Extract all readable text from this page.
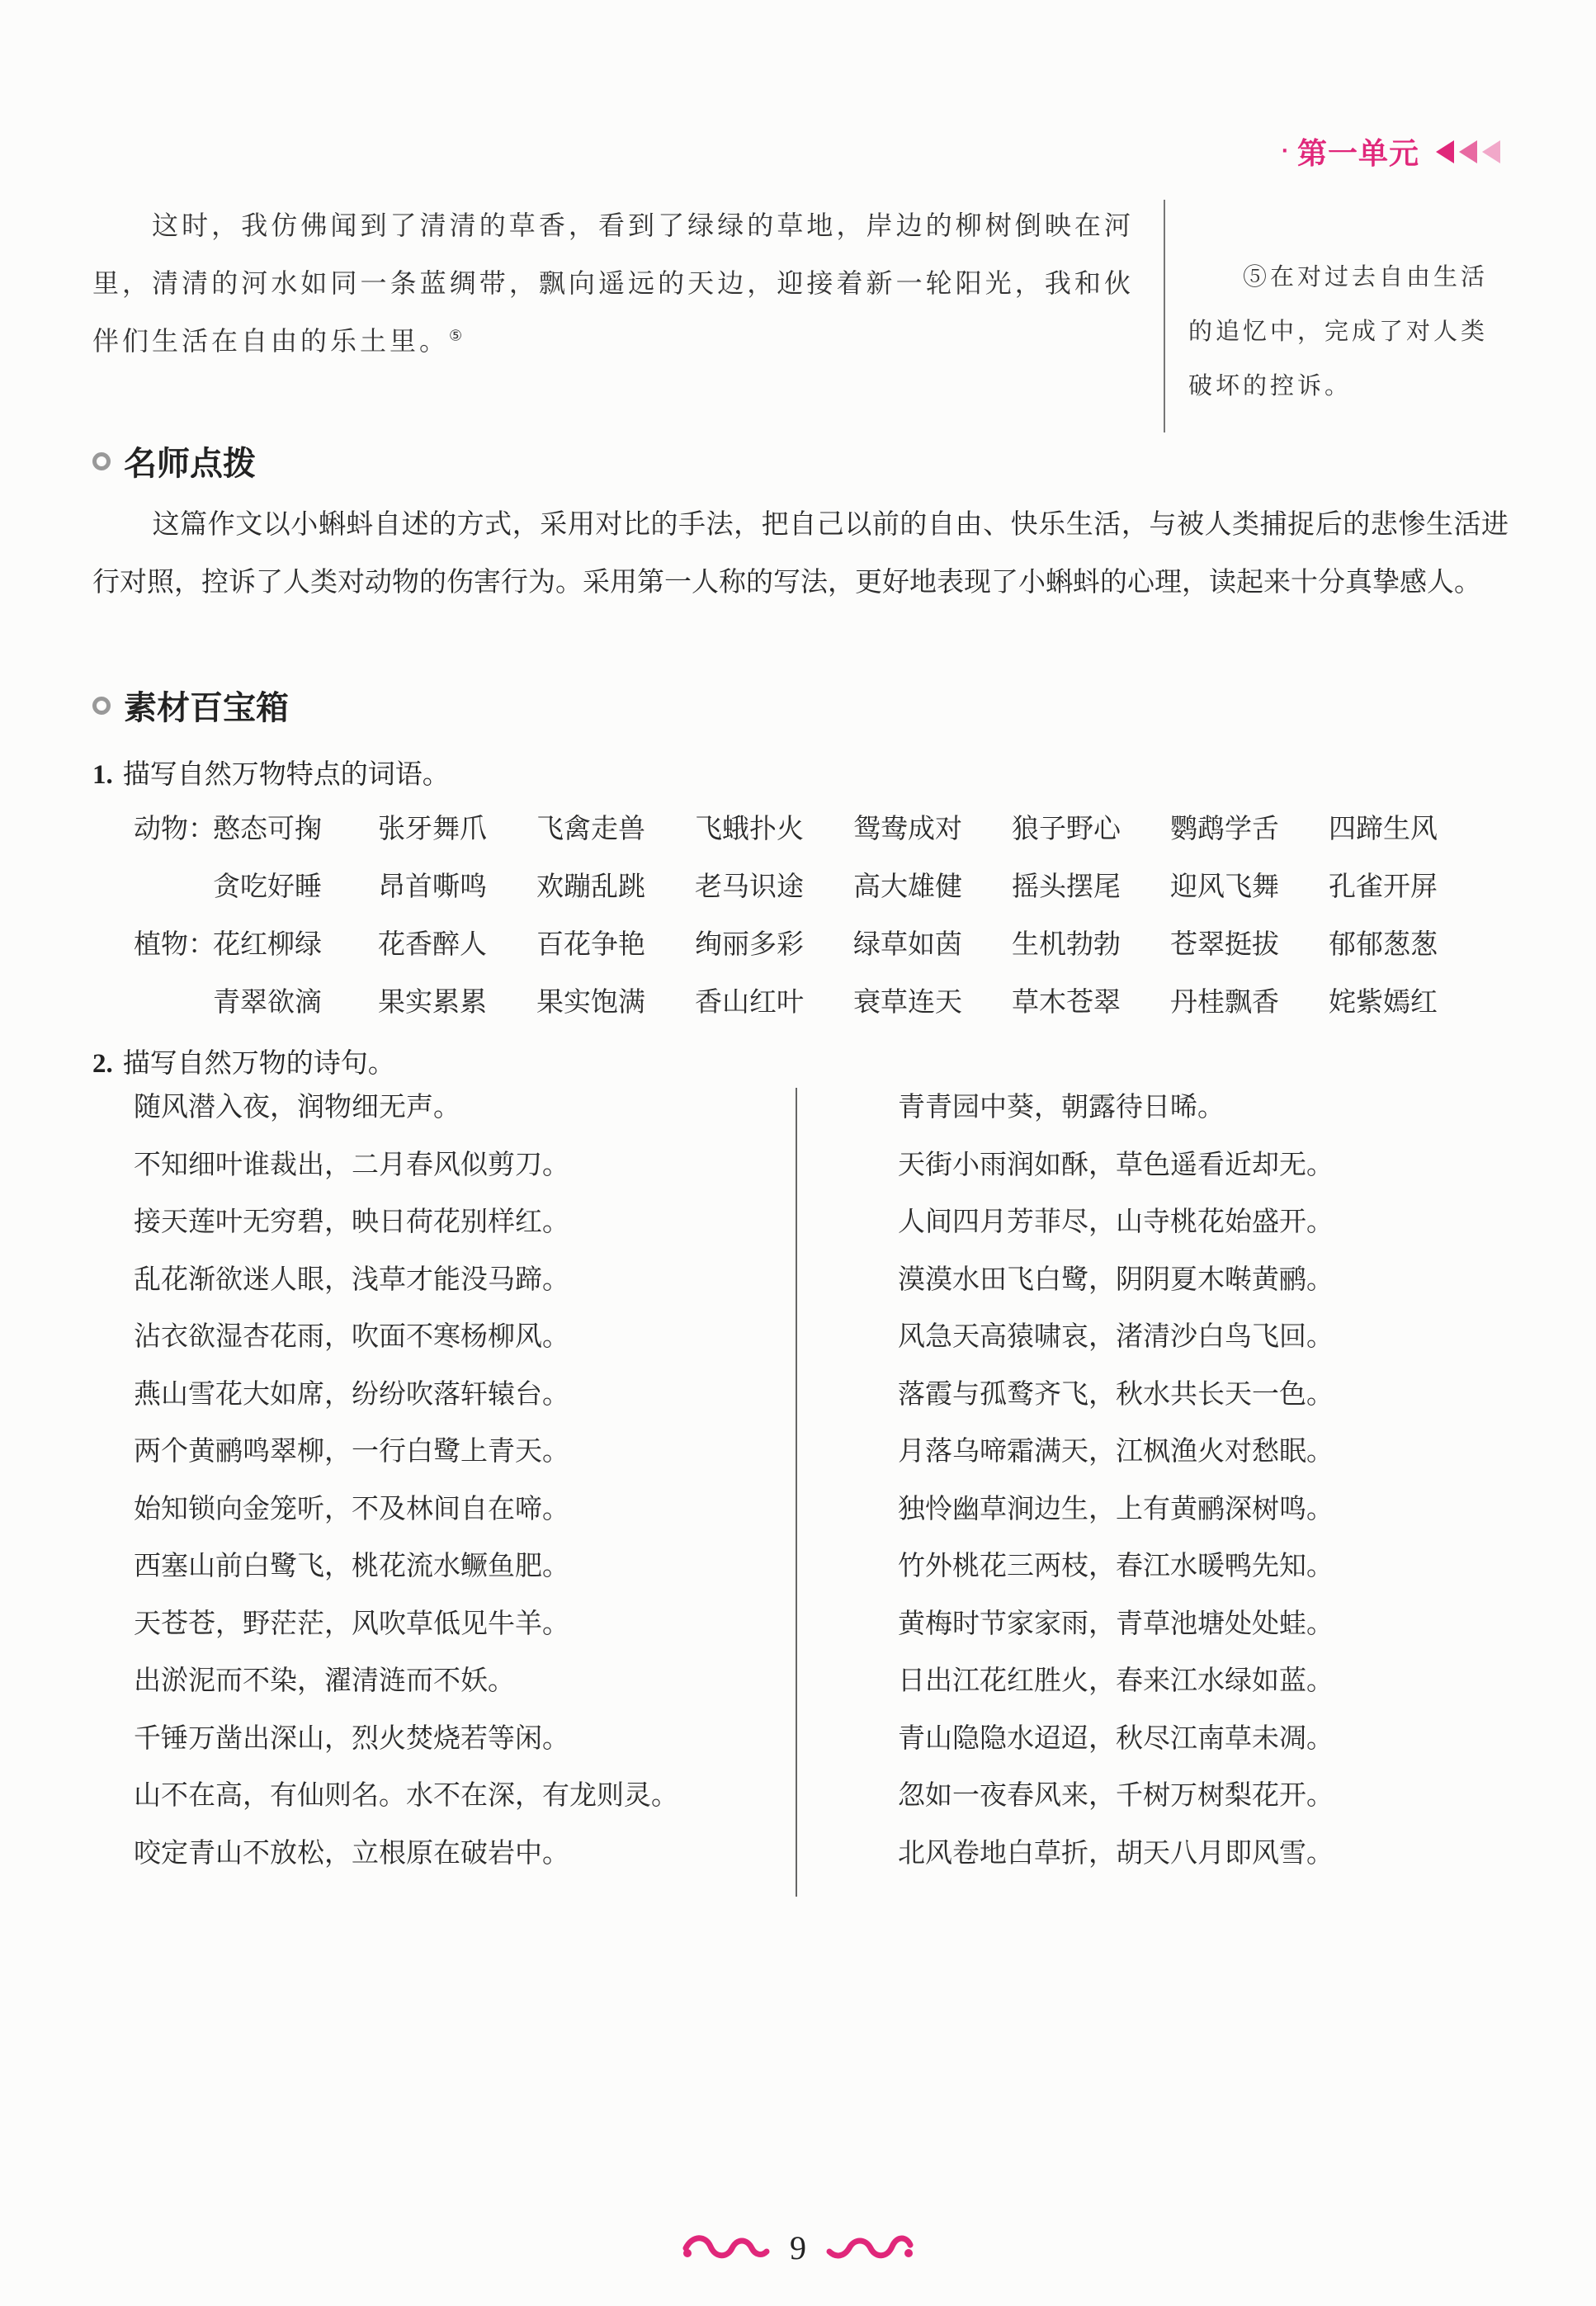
· 第一单元
这时，我仿佛闻到了清清的草香，看到了绿绿的草地，岸边的柳树倒映在河里，清清的河水如同一条蓝绸带，飘向遥远的天边，迎接着新一轮阳光，我和伙伴们生活在自由的乐土里。⑤
⑤在对过去自由生活的追忆中，完成了对人类破坏的控诉。
名师点拨
这篇作文以小蝌蚪自述的方式，采用对比的手法，把自己以前的自由、快乐生活，与被人类捕捉后的悲惨生活进行对照，控诉了人类对动物的伤害行为。采用第一人称的写法，更好地表现了小蝌蚪的心理，读起来十分真挚感人。
素材百宝箱
1. 描写自然万物特点的词语。
动物：
憨态可掬	张牙舞爪	飞禽走兽	飞蛾扑火	鸳鸯成对	狼子野心	鹦鹉学舌	四蹄生风
贪吃好睡	昂首嘶鸣	欢蹦乱跳	老马识途	高大雄健	摇头摆尾	迎风飞舞	孔雀开屏
植物：
花红柳绿	花香醉人	百花争艳	绚丽多彩	绿草如茵	生机勃勃	苍翠挺拔	郁郁葱葱
青翠欲滴	果实累累	果实饱满	香山红叶	衰草连天	草木苍翠	丹桂飘香	姹紫嫣红
2. 描写自然万物的诗句。
随风潜入夜，润物细无声。
不知细叶谁裁出，二月春风似剪刀。
接天莲叶无穷碧，映日荷花别样红。
乱花渐欲迷人眼，浅草才能没马蹄。
沾衣欲湿杏花雨，吹面不寒杨柳风。
燕山雪花大如席，纷纷吹落轩辕台。
两个黄鹂鸣翠柳，一行白鹭上青天。
始知锁向金笼听，不及林间自在啼。
西塞山前白鹭飞，桃花流水鳜鱼肥。
天苍苍，野茫茫，风吹草低见牛羊。
出淤泥而不染，濯清涟而不妖。
千锤万凿出深山，烈火焚烧若等闲。
山不在高，有仙则名。水不在深，有龙则灵。
咬定青山不放松，立根原在破岩中。
青青园中葵，朝露待日晞。
天街小雨润如酥，草色遥看近却无。
人间四月芳菲尽，山寺桃花始盛开。
漠漠水田飞白鹭，阴阴夏木啭黄鹂。
风急天高猿啸哀，渚清沙白鸟飞回。
落霞与孤鹜齐飞，秋水共长天一色。
月落乌啼霜满天，江枫渔火对愁眠。
独怜幽草涧边生，上有黄鹂深树鸣。
竹外桃花三两枝，春江水暖鸭先知。
黄梅时节家家雨，青草池塘处处蛙。
日出江花红胜火，春来江水绿如蓝。
青山隐隐水迢迢，秋尽江南草未凋。
忽如一夜春风来，千树万树梨花开。
北风卷地白草折，胡天八月即风雪。
9
